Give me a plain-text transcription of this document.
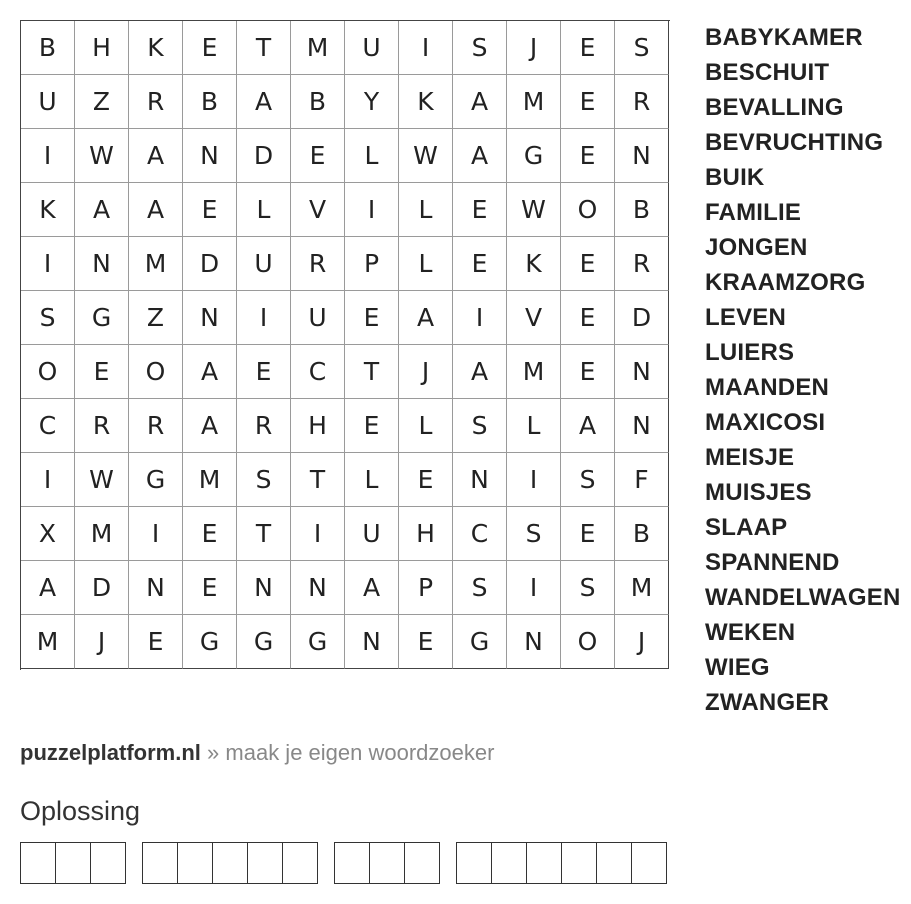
B	H	K	E	T	M	U	I	S	J	E	S
U	Z	R	B	A	B	Y	K	A	M	E	R
I	W	A	N	D	E	L	W	A	G	E	N
K	A	A	E	L	V	I	L	E	W	O	B
I	N	M	D	U	R	P	L	E	K	E	R
S	G	Z	N	I	U	E	A	I	V	E	D
O	E	O	A	E	C	T	J	A	M	E	N
C	R	R	A	R	H	E	L	S	L	A	N
I	W	G	M	S	T	L	E	N	I	S	F
X	M	I	E	T	I	U	H	C	S	E	B
A	D	N	E	N	N	A	P	S	I	S	M
M	J	E	G	G	G	N	E	G	N	O	J
BABYKAMER
BESCHUIT
BEVALLING
BEVRUCHTING
BUIK
FAMILIE
JONGEN
KRAAMZORG
LEVEN
LUIERS
MAANDEN
MAXICOSI
MEISJE
MUISJES
SLAAP
SPANNEND
WANDELWAGEN
WEKEN
WIEG
ZWANGER
puzzelplatform.nl » maak je eigen woordzoeker
Oplossing
